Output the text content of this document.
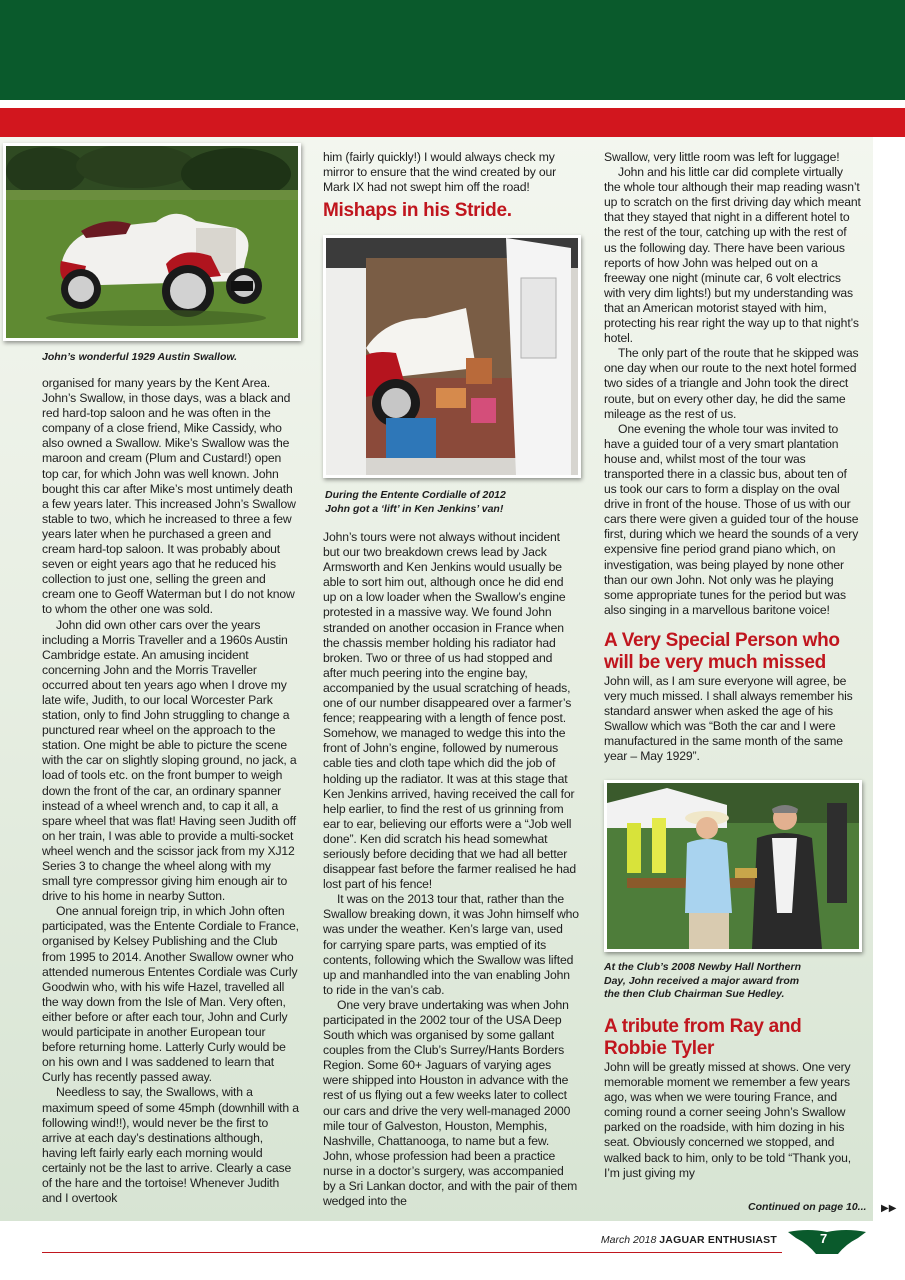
John’s wonderful 1929 Austin Swallow.
During the Entente Cordialle of 2012
John got a ‘lift’ in Ken Jenkins’ van!
At the Club’s 2008 Newby Hall Northern
Day, John received a major award from
the then Club Chairman Sue Hedley.

organised for many years by the Kent Area. John’s Swallow, in those days, was a black and red hard-top saloon and he was often in the company of a close friend, Mike Cassidy, who also owned a Swallow. Mike’s Swallow was the maroon and cream (Plum and Custard!) open top car, for which John was well known. John bought this car after Mike’s most untimely death a few years later. This increased John’s Swallow stable to two, which he increased to three a few years later when he purchased a green and cream hard-top saloon. It was probably about seven or eight years ago that he reduced his collection to just one, selling the green and cream one to Geoff Waterman but I do not know to whom the other one was sold.

John did own other cars over the years including a Morris Traveller and a 1960s Austin Cambridge estate. An amusing incident concerning John and the Morris Traveller occurred about ten years ago when I drove my late wife, Judith, to our local Worcester Park station, only to find John struggling to change a punctured rear wheel on the approach to the station. One might be able to picture the scene with the car on slightly sloping ground, no jack, a load of tools etc. on the front bumper to weigh down the front of the car, an ordinary spanner instead of a wheel wrench and, to cap it all, a spare wheel that was flat! Having seen Judith off on her train, I was able to provide a multi-socket wheel wench and the scissor jack from my XJ12 Series 3 to change the wheel along with my small tyre compressor giving him enough air to drive to his home in nearby Sutton.

One annual foreign trip, in which John often participated, was the Entente Cordiale to France, organised by Kelsey Publishing and the Club from 1995 to 2014. Another Swallow owner who attended numerous Ententes Cordiale was Curly Goodwin who, with his wife Hazel, travelled all the way down from the Isle of Man. Very often, either before or after each tour, John and Curly would participate in another European tour before returning home. Latterly Curly would be on his own and I was saddened to learn that Curly has recently passed away.

Needless to say, the Swallows, with a maximum speed of some 45mph (downhill with a following wind!!), would never be the first to arrive at each day’s destinations although, having left fairly early each morning would certainly not be the last to arrive. Clearly a case of the hare and the tortoise! Whenever Judith and I overtook

him (fairly quickly!) I would always check my mirror to ensure that the wind created by our Mark IX had not swept him off the road!

Mishaps in his Stride.

John’s tours were not always without incident but our two breakdown crews lead by Jack Armsworth and Ken Jenkins would usually be able to sort him out, although once he did end up on a low loader when the Swallow’s engine protested in a massive way. We found John stranded on another occasion in France when the chassis member holding his radiator had broken. Two or three of us had stopped and after much peering into the engine bay, accompanied by the usual scratching of heads, one of our number disappeared over a farmer’s fence; reappearing with a length of fence post. Somehow, we managed to wedge this into the front of John’s engine, followed by numerous cable ties and cloth tape which did the job of holding up the radiator. It was at this stage that Ken Jenkins arrived, having received the call for help earlier, to find the rest of us grinning from ear to ear, believing our efforts were a “Job well done”. Ken did scratch his head somewhat seriously before deciding that we had all better disappear fast before the farmer realised he had lost part of his fence!

It was on the 2013 tour that, rather than the Swallow breaking down, it was John himself who was under the weather. Ken’s large van, used for carrying spare parts, was emptied of its contents, following which the Swallow was lifted up and manhandled into the van enabling John to ride in the van’s cab.

One very brave undertaking was when John participated in the 2002 tour of the USA Deep South which was organised by some gallant couples from the Club’s Surrey/Hants Borders Region. Some 60+ Jaguars of varying ages were shipped into Houston in advance with the rest of us flying out a few weeks later to collect our cars and drive the very well-managed 2000 mile tour of Galveston, Houston, Memphis, Nashville, Chattanooga, to name but a few. John, whose profession had been a practice nurse in a doctor’s surgery, was accompanied by a Sri Lankan doctor, and with the pair of them wedged into the

Swallow, very little room was left for luggage!

John and his little car did complete virtually the whole tour although their map reading wasn’t up to scratch on the first driving day which meant that they stayed that night in a different hotel to the rest of the tour, catching up with the rest of us the following day. There have been various reports of how John was helped out on a freeway one night (minute car, 6 volt electrics with very dim lights!) but my understanding was that an American motorist stayed with him, protecting his rear right the way up to that night’s hotel.

The only part of the route that he skipped was one day when our route to the next hotel formed two sides of a triangle and John took the direct route, but on every other day, he did the same mileage as the rest of us.

One evening the whole tour was invited to have a guided tour of a very smart plantation house and, whilst most of the tour was transported there in a classic bus, about ten of us took our cars to form a display on the oval drive in front of the house. Those of us with our cars there were given a guided tour of the house first, during which we heard the sounds of a very expensive fine period grand piano which, on investigation, was being played by none other than our own John. Not only was he playing some appropriate tunes for the period but was also singing in a marvellous baritone voice!

A Very Special Person who will be very much missed

John will, as I am sure everyone will agree, be very much missed. I shall always remember his standard answer when asked the age of his Swallow which was “Both the car and I were manufactured in the same month of the same year – May 1929”.

A tribute from Ray and Robbie Tyler

John will be greatly missed at shows. One very memorable moment we remember a few years ago, was when we were touring France, and coming round a corner seeing John’s Swallow parked on the roadside, with him dozing in his seat. Obviously concerned we stopped, and walked back to him, only to be told “Thank you, I’m just giving my

Continued on page 10... ▶▶
March 2018 JAGUAR ENTHUSIAST	7
